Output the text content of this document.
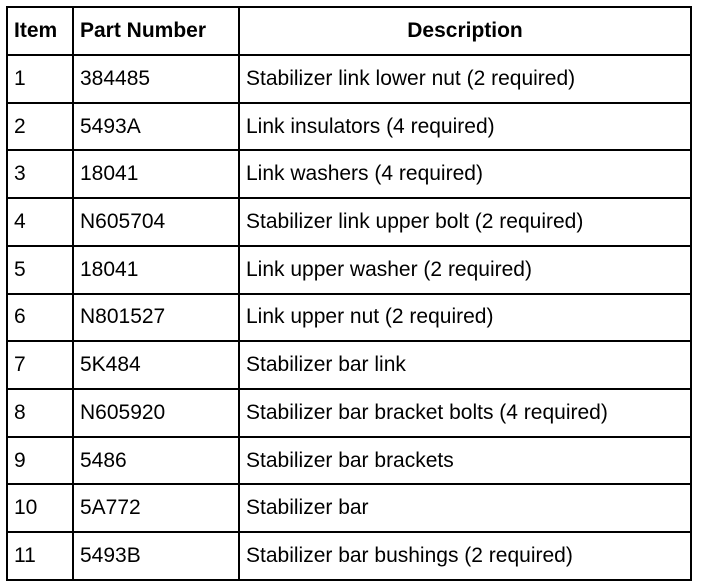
Item	Part Number	Description
1	384485	Stabilizer link lower nut (2 required)
2	5493A	Link insulators (4 required)
3	18041	Link washers (4 required)
4	N605704	Stabilizer link upper bolt (2 required)
5	18041	Link upper washer (2 required)
6	N801527	Link upper nut (2 required)
7	5K484	Stabilizer bar link
8	N605920	Stabilizer bar bracket bolts (4 required)
9	5486	Stabilizer bar brackets
10	5A772	Stabilizer bar
11	5493B	Stabilizer bar bushings (2 required)
